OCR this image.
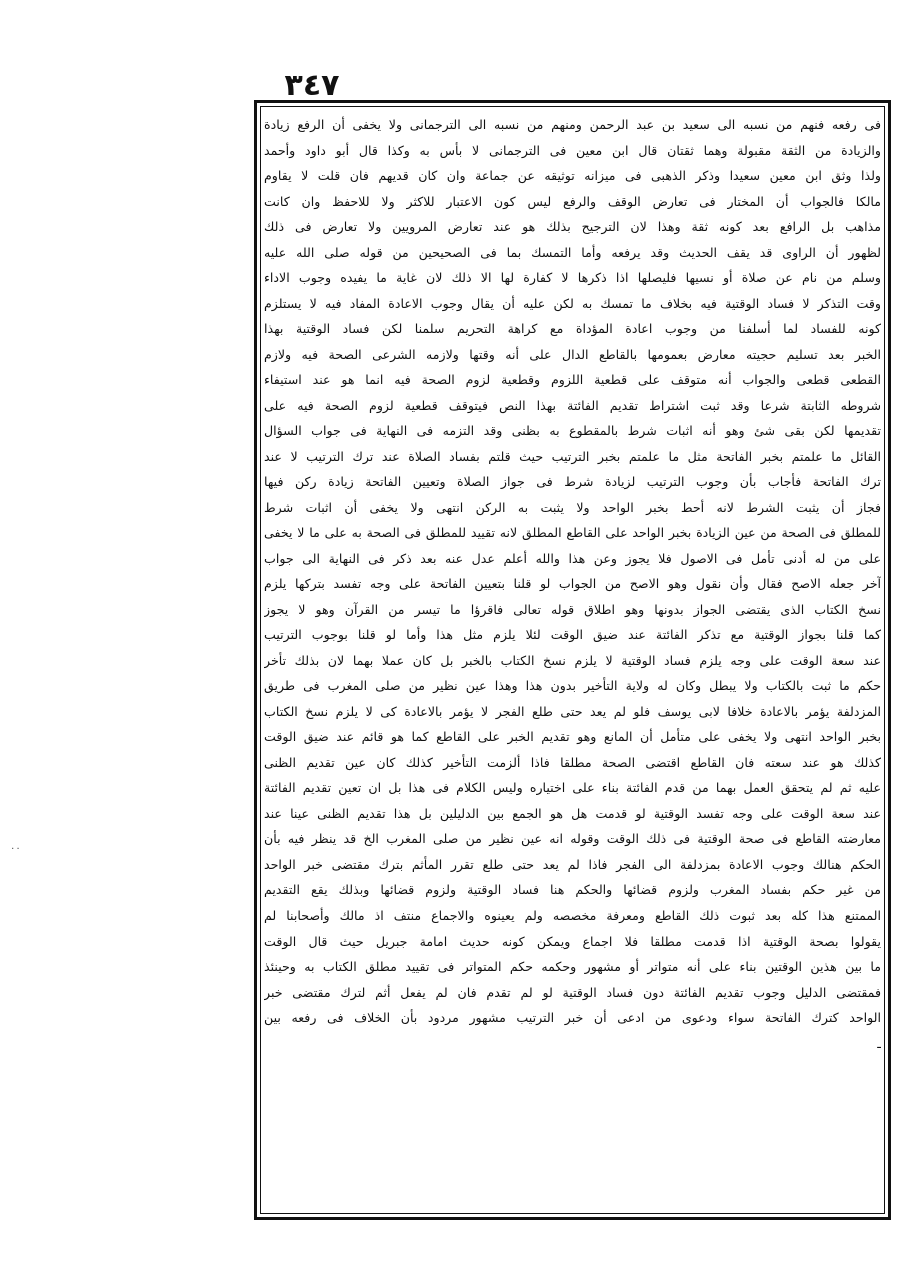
٣٤٧
فى رفعه فنهم من نسبه الى سعيد بن عبد الرحمن ومنهم من نسبه الى الترجمانى ولا يخفى أن الرفع زيادة
والزيادة من الثقة مقبولة وهما ثقتان قال ابن معين فى الترجمانى لا بأس به وكذا قال أبو داود وأحمد
ولذا وثق ابن معين سعيدا وذكر الذهبى فى ميزانه توثيقه عن جماعة وان كان قديهم فان قلت لا يقاوم
مالكا فالجواب أن المختار فى تعارض الوقف والرفع ليس كون الاعتبار للاكثر ولا للاحفظ وان كانت
مذاهب بل الرافع بعد كونه ثقة وهذا لان الترجيح بذلك هو عند تعارض المرويين ولا تعارض فى ذلك
لظهور أن الراوى قد يقف الحديث وقد يرفعه وأما التمسك بما فى الصحيحين من قوله صلى الله عليه
وسلم من نام عن صلاة أو نسيها فليصلها اذا ذكرها لا كفارة لها الا ذلك لان غاية ما يفيده وجوب الاداء
وقت التذكر لا فساد الوقتية فيه بخلاف ما تمسك به لكن عليه أن يقال وجوب الاعادة المفاد فيه لا يستلزم
كونه للفساد لما أسلفنا من وجوب اعادة المؤداة مع كراهة التحريم سلمنا لكن فساد الوقتية بهذا
الخبر بعد تسليم حجيته معارض بعمومها بالقاطع الدال على أنه وقتها ولازمه الشرعى الصحة فيه ولازم
القطعى قطعى والجواب أنه متوقف على قطعية اللزوم وقطعية لزوم الصحة فيه انما هو عند استيفاء
شروطه الثابتة شرعا وقد ثبت اشتراط تقديم الفائتة بهذا النص فيتوقف قطعية لزوم الصحة فيه على
تقديمها لكن بقى شئ وهو أنه اثبات شرط بالمقطوع به بظنى وقد التزمه فى النهاية فى جواب السؤال
القائل ما علمتم بخبر الفاتحة مثل ما علمتم بخبر الترتيب حيث قلتم بفساد الصلاة عند ترك الترتيب لا عند
ترك الفاتحة فأجاب بأن وجوب الترتيب لزيادة شرط فى جواز الصلاة وتعيين الفاتحة زيادة ركن فيها
فجاز أن يثبت الشرط لانه أحط بخبر الواحد ولا يثبت به الركن انتهى ولا يخفى أن اثبات شرط
للمطلق فى الصحة من عين الزيادة بخبر الواحد على القاطع المطلق لانه تقييد للمطلق فى الصحة به على ما لا يخفى
على من له أدنى تأمل فى الاصول فلا يجوز وعن هذا والله أعلم عدل عنه بعد ذكر فى النهاية الى جواب
آخر جعله الاصح فقال وأن نقول وهو الاصح من الجواب لو قلنا بتعيين الفاتحة على وجه تفسد بتركها يلزم
نسخ الكتاب الذى يقتضى الجواز بدونها وهو اطلاق قوله تعالى فاقرؤا ما تيسر من القرآن وهو لا يجوز
كما قلنا بجواز الوقتية مع تذكر الفائتة عند ضيق الوقت لئلا يلزم مثل هذا وأما لو قلنا بوجوب الترتيب
عند سعة الوقت على وجه يلزم فساد الوقتية لا يلزم نسخ الكتاب بالخبر بل كان عملا بهما لان بذلك تأخر
حكم ما ثبت بالكتاب ولا يبطل وكان له ولاية التأخير بدون هذا وهذا عين نظير من صلى المغرب فى طريق
المزدلفة يؤمر بالاعادة خلافا لابى يوسف فلو لم يعد حتى طلع الفجر لا يؤمر بالاعادة كى لا يلزم نسخ الكتاب
بخبر الواحد انتهى ولا يخفى على متأمل أن المانع وهو تقديم الخبر على القاطع كما هو قائم عند ضيق الوقت
كذلك هو عند سعته فان القاطع اقتضى الصحة مطلقا فاذا ألزمت التأخير كذلك كان عين تقديم الظنى
عليه ثم لم يتحقق العمل بهما من قدم الفائتة بناء على اختياره وليس الكلام فى هذا بل ان تعين تقديم الفائتة
عند سعة الوقت على وجه تفسد الوقتية لو قدمت هل هو الجمع بين الدليلين بل هذا تقديم الظنى عينا عند
معارضته القاطع فى صحة الوقتية فى ذلك الوقت وقوله انه عين نظير من صلى المغرب الخ قد ينظر فيه بأن
الحكم هنالك وجوب الاعادة بمزدلفة الى الفجر فاذا لم يعد حتى طلع تقرر المأثم بترك مقتضى خبر الواحد
من غير حكم بفساد المغرب ولزوم قضائها والحكم هنا فساد الوقتية ولزوم قضائها وبذلك يقع التقديم
الممتنع هذا كله بعد ثبوت ذلك القاطع ومعرفة مخصصه ولم يعينوه والاجماع منتف اذ مالك وأصحابنا لم
يقولوا بصحة الوقتية اذا قدمت مطلقا فلا اجماع ويمكن كونه حديث امامة جبريل حيث قال الوقت
ما بين هذين الوقتين بناء على أنه متواتر أو مشهور وحكمه حكم المتواتر فى تقييد مطلق الكتاب به وحينئذ
فمقتضى الدليل وجوب تقديم الفائتة دون فساد الوقتية لو لم تقدم فان لم يفعل أثم لترك مقتضى خبر
الواحد كترك الفاتحة سواء ودعوى من ادعى أن خبر الترتيب مشهور مردود بأن الخلاف فى رفعه بين
ـ
٠٠
